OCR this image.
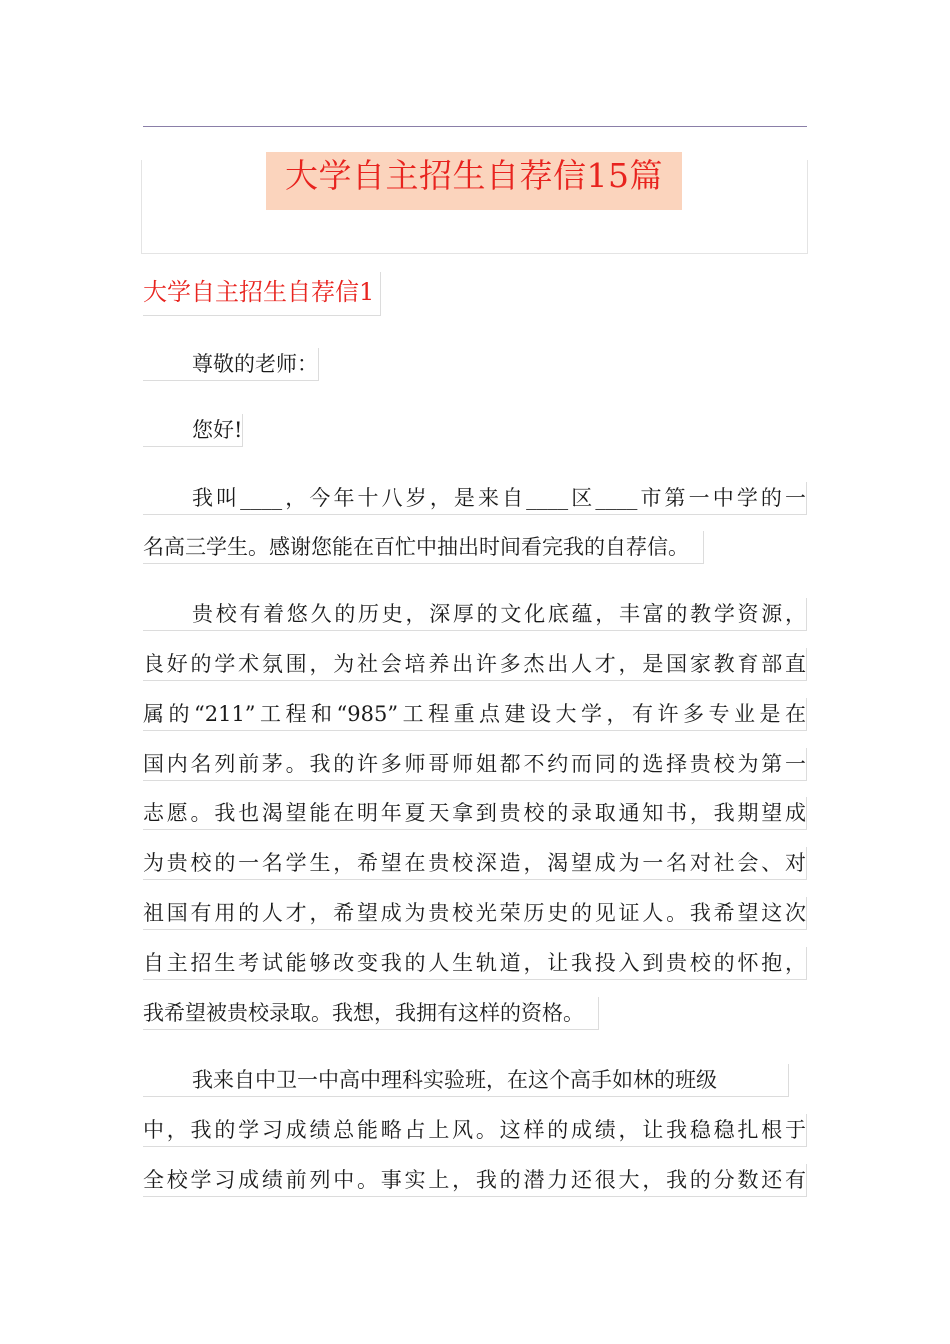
大学自主招生自荐信15篇
大学自主招生自荐信1
尊敬的老师：
您好!
我叫____，今年十八岁，是来自____区____市第一中学的一
名高三学生。感谢您能在百忙中抽出时间看完我的自荐信。
贵校有着悠久的历史，深厚的文化底蕴，丰富的教学资源，
良好的学术氛围，为社会培养出许多杰出人才，是国家教育部直
属的“211”工程和“985”工程重点建设大学，有许多专业是在
国内名列前茅。我的许多师哥师姐都不约而同的选择贵校为第一
志愿。我也渴望能在明年夏天拿到贵校的录取通知书，我期望成
为贵校的一名学生，希望在贵校深造，渴望成为一名对社会、对
祖国有用的人才，希望成为贵校光荣历史的见证人。我希望这次
自主招生考试能够改变我的人生轨道，让我投入到贵校的怀抱，
我希望被贵校录取。我想，我拥有这样的资格。
我来自中卫一中高中理科实验班，在这个高手如林的班级
中，我的学习成绩总能略占上风。这样的成绩，让我稳稳扎根于
全校学习成绩前列中。事实上，我的潜力还很大，我的分数还有
